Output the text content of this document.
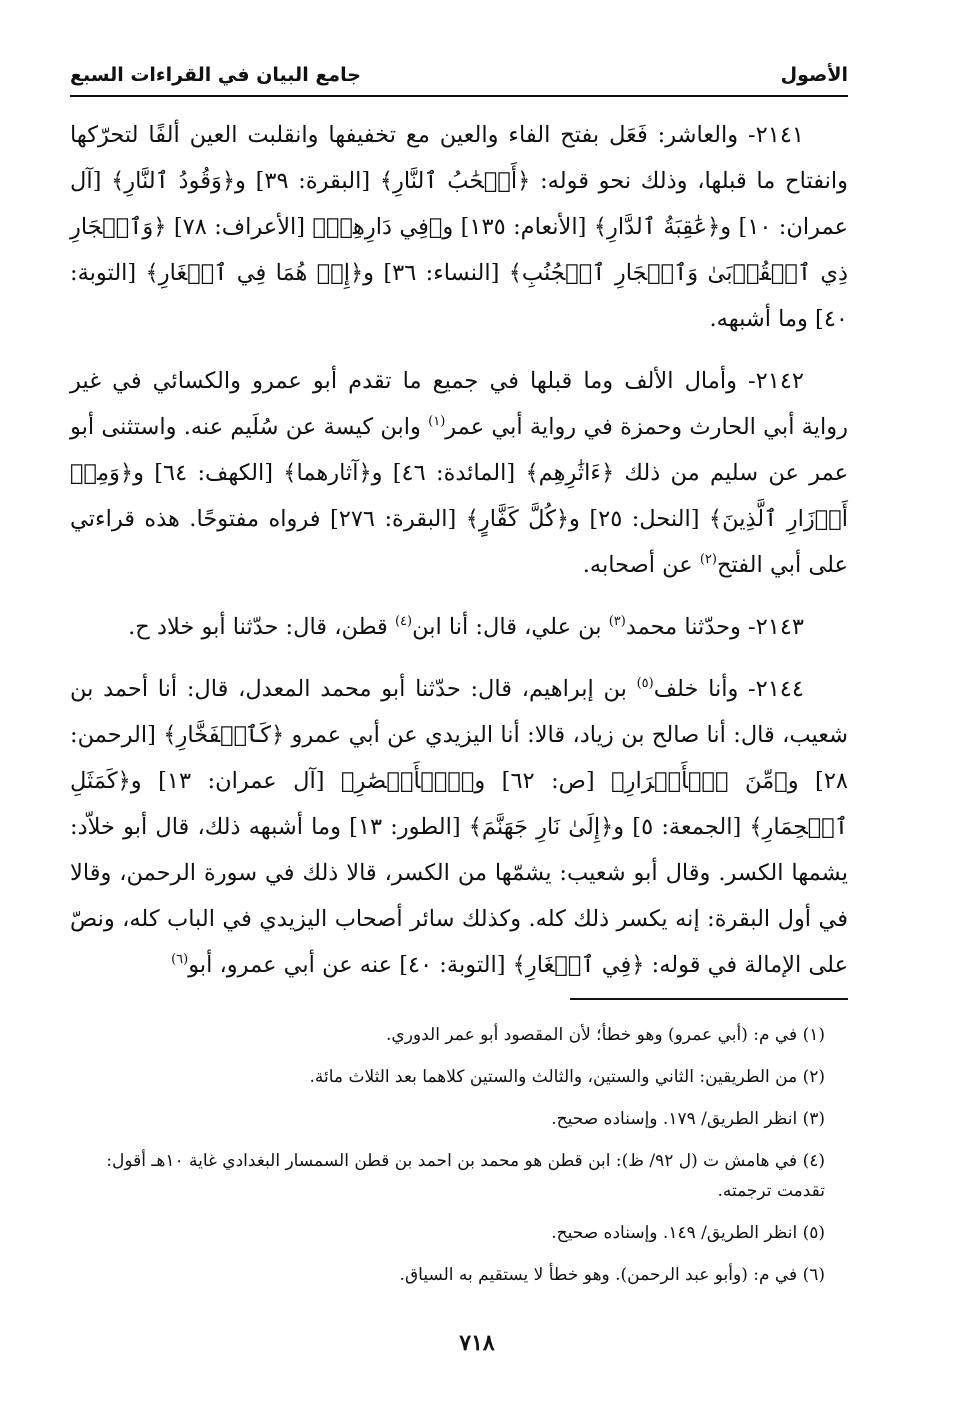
الأصول
جامع البيان في القراءات السبع

٢١٤١- والعاشر: فَعَل بفتح الفاء والعين مع تخفيفها وانقلبت العين ألفًا لتحرّكها وانفتاح ما قبلها، وذلك نحو قوله: ﴿أَصۡحَٰبُ ٱلنَّارِ﴾ [البقرة: ٣٩] و﴿وَقُودُ ٱلنَّارِ﴾ [آل عمران: ١٠] و﴿عَٰقِبَةُ ٱلدَّارِ﴾ [الأنعام: ١٣٥] و﴿فِي دَارِهِمۡ﴾ [الأعراف: ٧٨] ﴿وَٱلۡجَارِ ذِي ٱلۡقُرۡبَىٰ وَٱلۡجَارِ ٱلۡجُنُبِ﴾ [النساء: ٣٦] و﴿إِذۡ هُمَا فِي ٱلۡغَارِ﴾ [التوبة: ٤٠] وما أشبهه.

٢١٤٢- وأمال الألف وما قبلها في جميع ما تقدم أبو عمرو والكسائي في غير رواية أبي الحارث وحمزة في رواية أبي عمر$^{(١)}$ وابن كيسة عن سُلَيم عنه. واستثنى أبو عمر عن سليم من ذلك ﴿ءَاثَٰرِهِم﴾ [المائدة: ٤٦] و﴿آثارهما﴾ [الكهف: ٦٤] و﴿وَمِنۡ أَوۡزَارِ ٱلَّذِينَ﴾ [النحل: ٢٥] و﴿كُلَّ كَفَّارٍ﴾ [البقرة: ٢٧٦] فرواه مفتوحًا. هذه قراءتي على أبي الفتح$^{(٢)}$ عن أصحابه.

٢١٤٣- وحدّثنا محمد$^{(٣)}$ بن علي، قال: أنا ابن$^{(٤)}$ قطن، قال: حدّثنا أبو خلاد ح.

٢١٤٤- وأنا خلف$^{(٥)}$ بن إبراهيم، قال: حدّثنا أبو محمد المعدل، قال: أنا أحمد بن شعيب، قال: أنا صالح بن زياد، قالا: أنا اليزيدي عن أبي عمرو ﴿كَٱلۡفَخَّارِ﴾ [الرحمن: ٢٨] و﴿مِّنَ ٱلۡأَشۡرَارِ﴾ [ص: ٦٢] و﴿ٱلۡأَبۡصَٰرِ﴾ [آل عمران: ١٣] و﴿كَمَثَلِ ٱلۡحِمَارِ﴾ [الجمعة: ٥] و﴿إِلَىٰ نَارِ جَهَنَّمَ﴾ [الطور: ١٣] وما أشبهه ذلك، قال أبو خلاّد: يشمها الكسر. وقال أبو شعيب: يشمّها من الكسر، قالا ذلك في سورة الرحمن، وقالا في أول البقرة: إنه يكسر ذلك كله. وكذلك سائر أصحاب اليزيدي في الباب كله، ونصّ على الإمالة في قوله: ﴿فِي ٱلۡغَارِ﴾ [التوبة: ٤٠] عنه عن أبي عمرو، أبو$^{(٦)}$

(١) في م: (أبي عمرو) وهو خطأ؛ لأن المقصود أبو عمر الدوري.

(٢) من الطريقين: الثاني والستين، والثالث والستين كلاهما بعد الثلاث مائة.

(٣) انظر الطريق/ ١٧٩. وإسناده صحيح.

(٤) في هامش ت (ل ٩٢/ ظ): ابن قطن هو محمد بن احمد بن قطن السمسار البغدادي غاية ١٠هـ أقول: تقدمت ترجمته.

(٥) انظر الطريق/ ١٤٩. وإسناده صحيح.

(٦) في م: (وأبو عبد الرحمن). وهو خطأ لا يستقيم به السياق.

٧١٨
